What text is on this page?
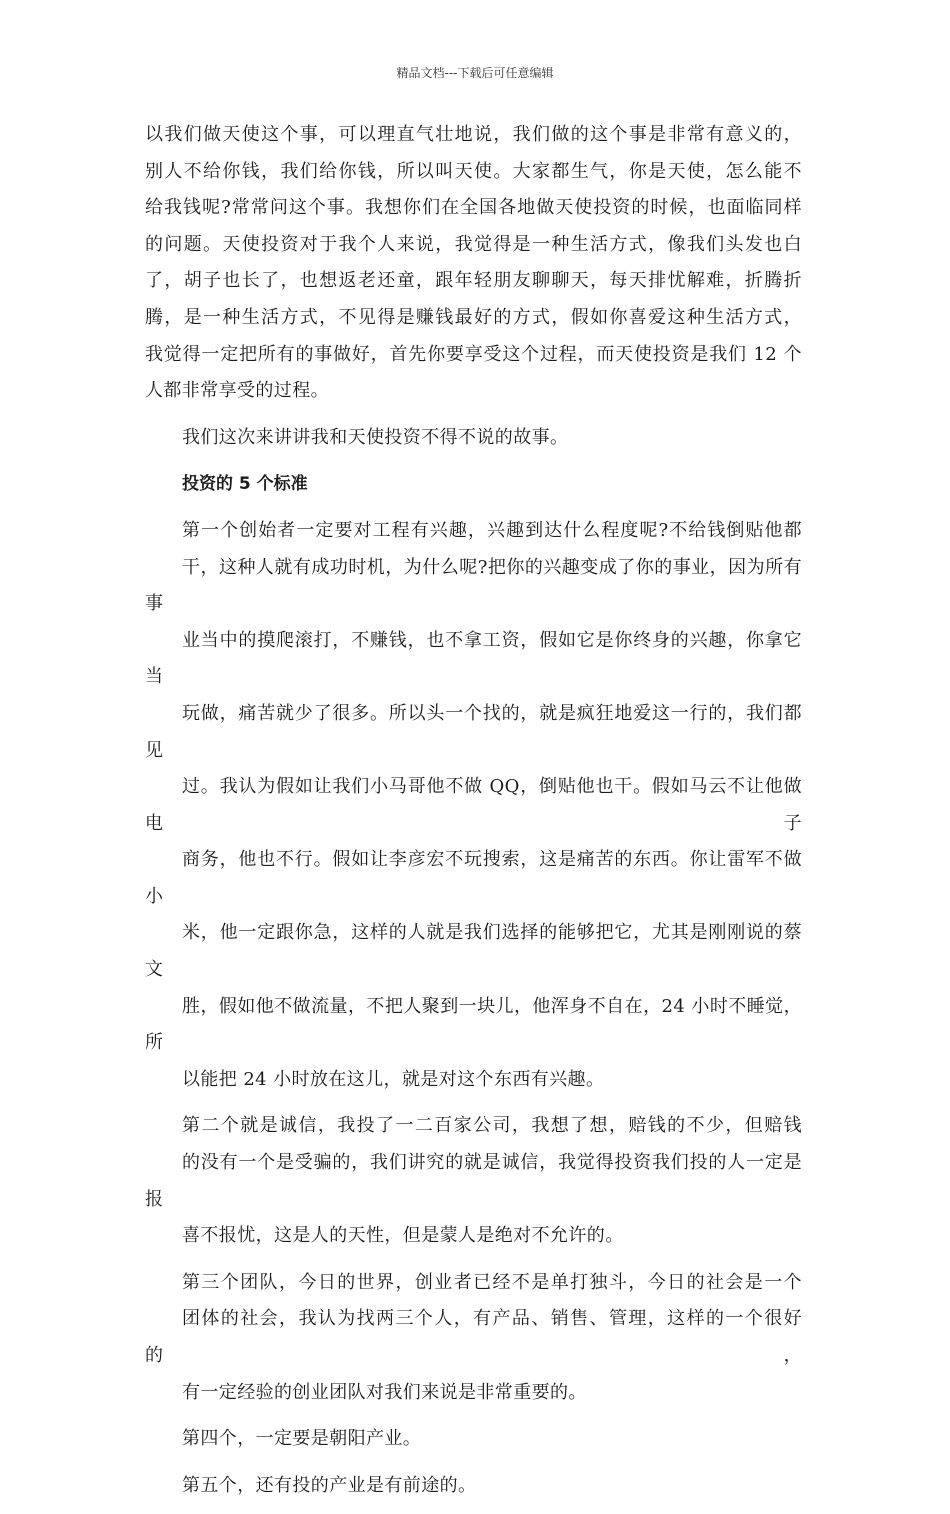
精品文档---下载后可任意编辑
以我们做天使这个事，可以理直气壮地说，我们做的这个事是非常有意义的，
别人不给你钱，我们给你钱，所以叫天使。大家都生气，你是天使，怎么能不
给我钱呢?常常问这个事。我想你们在全国各地做天使投资的时候，也面临同样
的问题。天使投资对于我个人来说，我觉得是一种生活方式，像我们头发也白
了，胡子也长了，也想返老还童，跟年轻朋友聊聊天，每天排忧解难，折腾折
腾，是一种生活方式，不见得是赚钱最好的方式，假如你喜爱这种生活方式，
我觉得一定把所有的事做好，首先你要享受这个过程，而天使投资是我们 12 个
人都非常享受的过程。
我们这次来讲讲我和天使投资不得不说的故事。
投资的 5 个标准
第一个创始者一定要对工程有兴趣，兴趣到达什么程度呢?不给钱倒贴他都
干，这种人就有成功时机，为什么呢?把你的兴趣变成了你的事业，因为所有事
业当中的摸爬滚打，不赚钱，也不拿工资，假如它是你终身的兴趣，你拿它当
玩做，痛苦就少了很多。所以头一个找的，就是疯狂地爱这一行的，我们都见
过。我认为假如让我们小马哥他不做 QQ，倒贴他也干。假如马云不让他做电子
商务，他也不行。假如让李彦宏不玩搜索，这是痛苦的东西。你让雷军不做小
米，他一定跟你急，这样的人就是我们选择的能够把它，尤其是刚刚说的蔡文
胜，假如他不做流量，不把人聚到一块儿，他浑身不自在，24 小时不睡觉，所
以能把 24 小时放在这儿，就是对这个东西有兴趣。
第二个就是诚信，我投了一二百家公司，我想了想，赔钱的不少，但赔钱
的没有一个是受骗的，我们讲究的就是诚信，我觉得投资我们投的人一定是报
喜不报忧，这是人的天性，但是蒙人是绝对不允许的。
第三个团队，今日的世界，创业者已经不是单打独斗，今日的社会是一个
团体的社会，我认为找两三个人，有产品、销售、管理，这样的一个很好的，
有一定经验的创业团队对我们来说是非常重要的。
第四个，一定要是朝阳产业。
第五个，还有投的产业是有前途的。
